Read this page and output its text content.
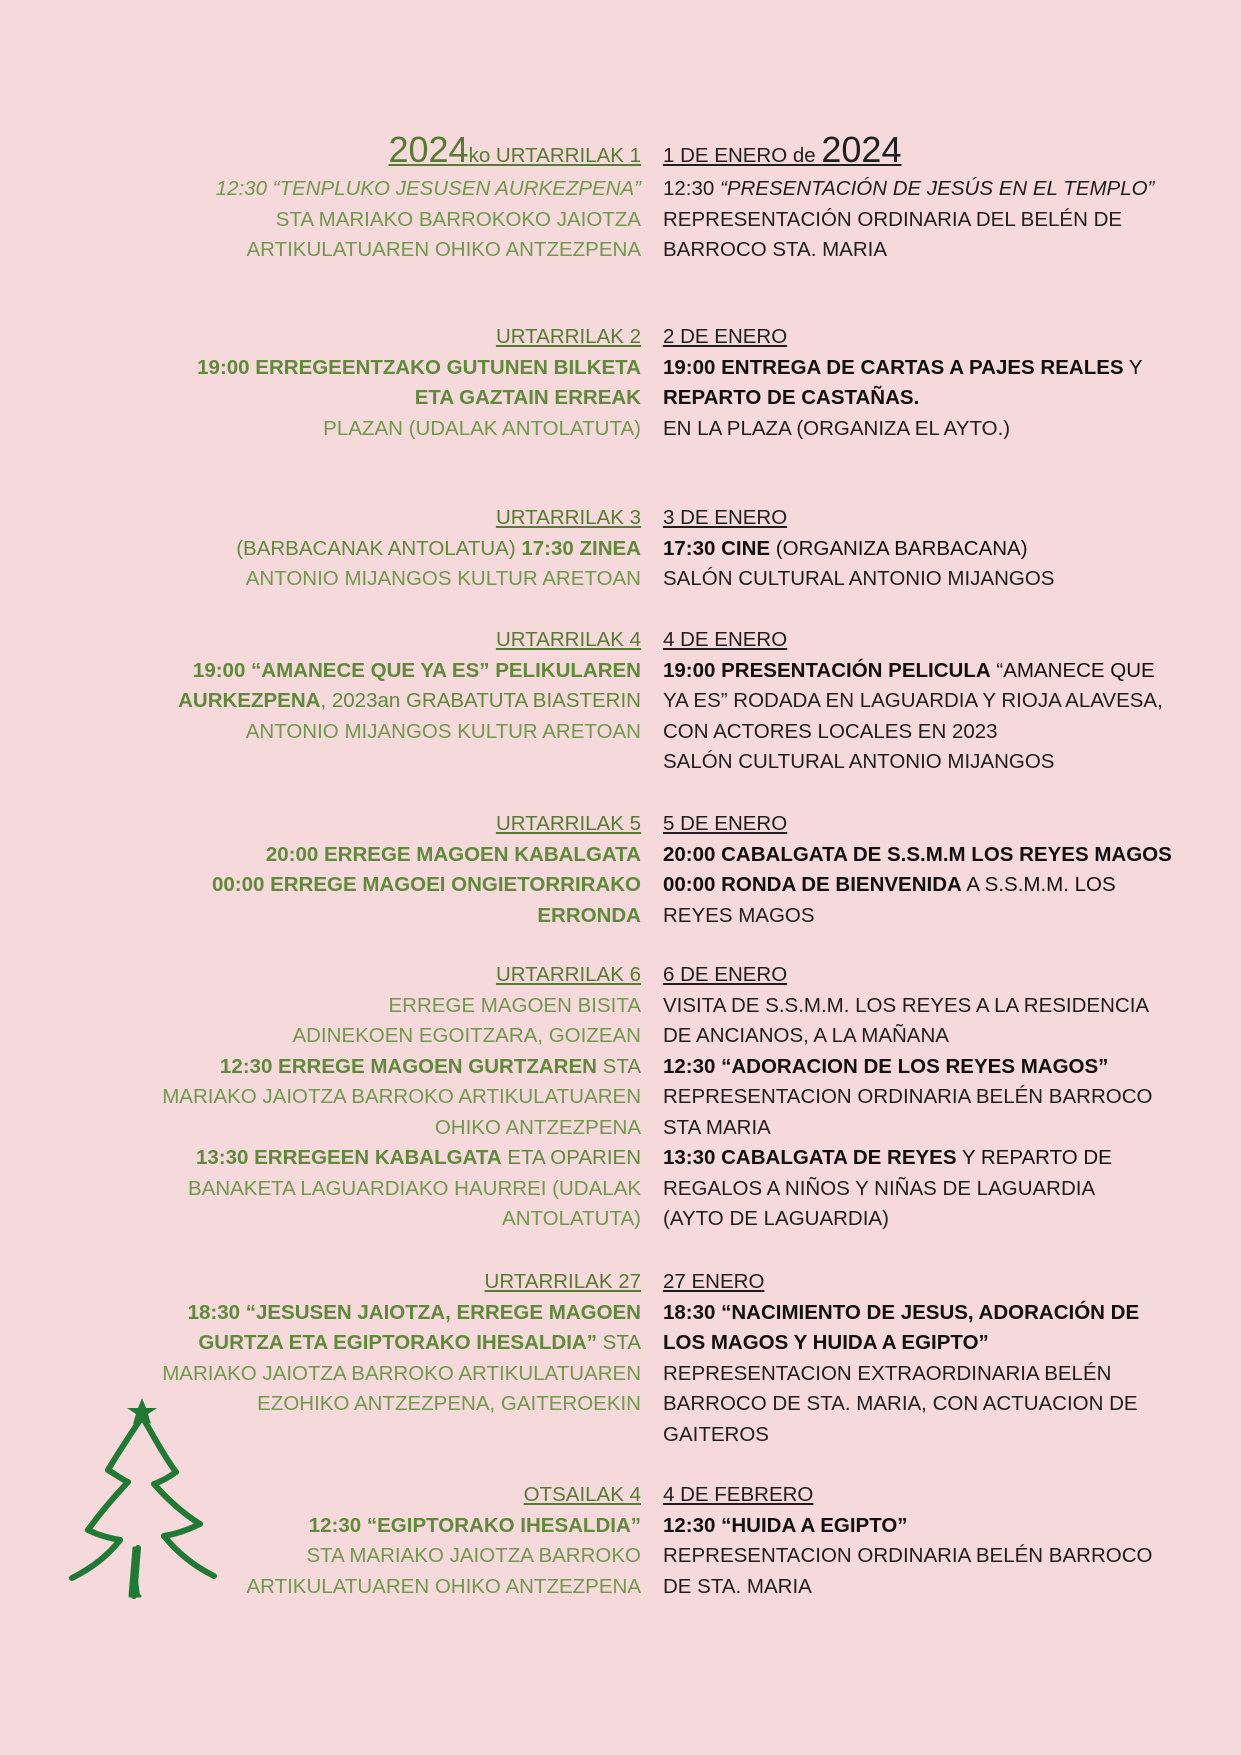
2024ko URTARRILAK 1
12:30 “TENPLUKO JESUSEN AURKEZPENA”
STA MARIAKO BARROKOKO JAIOTZA
ARTIKULATUAREN OHIKO ANTZEZPENA
1 DE ENERO de 2024
12:30 “PRESENTACIÓN DE JESÚS EN EL TEMPLO”
REPRESENTACIÓN ORDINARIA DEL BELÉN DE
BARROCO STA. MARIA
URTARRILAK 2
19:00 ERREGEENTZAKO GUTUNEN BILKETA
ETA GAZTAIN ERREAK
PLAZAN (UDALAK ANTOLATUTA)
2 DE ENERO
19:00 ENTREGA DE CARTAS A PAJES REALES Y
REPARTO DE CASTAÑAS.
EN LA PLAZA (ORGANIZA EL AYTO.)
URTARRILAK 3
(BARBACANAK ANTOLATUA) 17:30 ZINEA
ANTONIO MIJANGOS KULTUR ARETOAN
3 DE ENERO
17:30 CINE (ORGANIZA BARBACANA)
SALÓN CULTURAL ANTONIO MIJANGOS
URTARRILAK 4
19:00 “AMANECE QUE YA ES” PELIKULAREN
AURKEZPENA, 2023an GRABATUTA BIASTERIN
ANTONIO MIJANGOS KULTUR ARETOAN
4 DE ENERO
19:00 PRESENTACIÓN PELICULA “AMANECE QUE
YA ES” RODADA EN LAGUARDIA Y RIOJA ALAVESA,
CON ACTORES LOCALES EN 2023
SALÓN CULTURAL ANTONIO MIJANGOS
URTARRILAK 5
20:00 ERREGE MAGOEN KABALGATA
00:00 ERREGE MAGOEI ONGIETORRIRAKO
ERRONDA
5 DE ENERO
20:00 CABALGATA DE S.S.M.M LOS REYES MAGOS
00:00 RONDA DE BIENVENIDA A S.S.M.M. LOS
REYES MAGOS
URTARRILAK 6
ERREGE MAGOEN BISITA
ADINEKOEN EGOITZARA, GOIZEAN
12:30 ERREGE MAGOEN GURTZAREN STA
MARIAKO JAIOTZA BARROKO ARTIKULATUAREN
OHIKO ANTZEZPENA
13:30 ERREGEEN KABALGATA ETA OPARIEN
BANAKETA LAGUARDIAKO HAURREI (UDALAK
ANTOLATUTA)
6 DE ENERO
VISITA DE S.S.M.M. LOS REYES A LA RESIDENCIA
DE ANCIANOS, A LA MAÑANA
12:30 “ADORACION DE LOS REYES MAGOS”
REPRESENTACION ORDINARIA BELÉN BARROCO
STA MARIA
13:30 CABALGATA DE REYES Y REPARTO DE
REGALOS A NIÑOS Y NIÑAS DE LAGUARDIA
(AYTO DE LAGUARDIA)
URTARRILAK 27
18:30 “JESUSEN JAIOTZA, ERREGE MAGOEN
GURTZA ETA EGIPTORAKO IHESALDIA” STA
MARIAKO JAIOTZA BARROKO ARTIKULATUAREN
EZOHIKO ANTZEZPENA, GAITEROEKIN
27 ENERO
18:30 “NACIMIENTO DE JESUS, ADORACIÓN DE
LOS MAGOS Y HUIDA A EGIPTO”
REPRESENTACION EXTRAORDINARIA BELÉN
BARROCO DE STA. MARIA, CON ACTUACION DE
GAITEROS
OTSAILAK 4
12:30 “EGIPTORAKO IHESALDIA”
STA MARIAKO JAIOTZA BARROKO
ARTIKULATUAREN OHIKO ANTZEZPENA
4 DE FEBRERO
12:30 “HUIDA A EGIPTO”
REPRESENTACION ORDINARIA BELÉN BARROCO
DE STA. MARIA
